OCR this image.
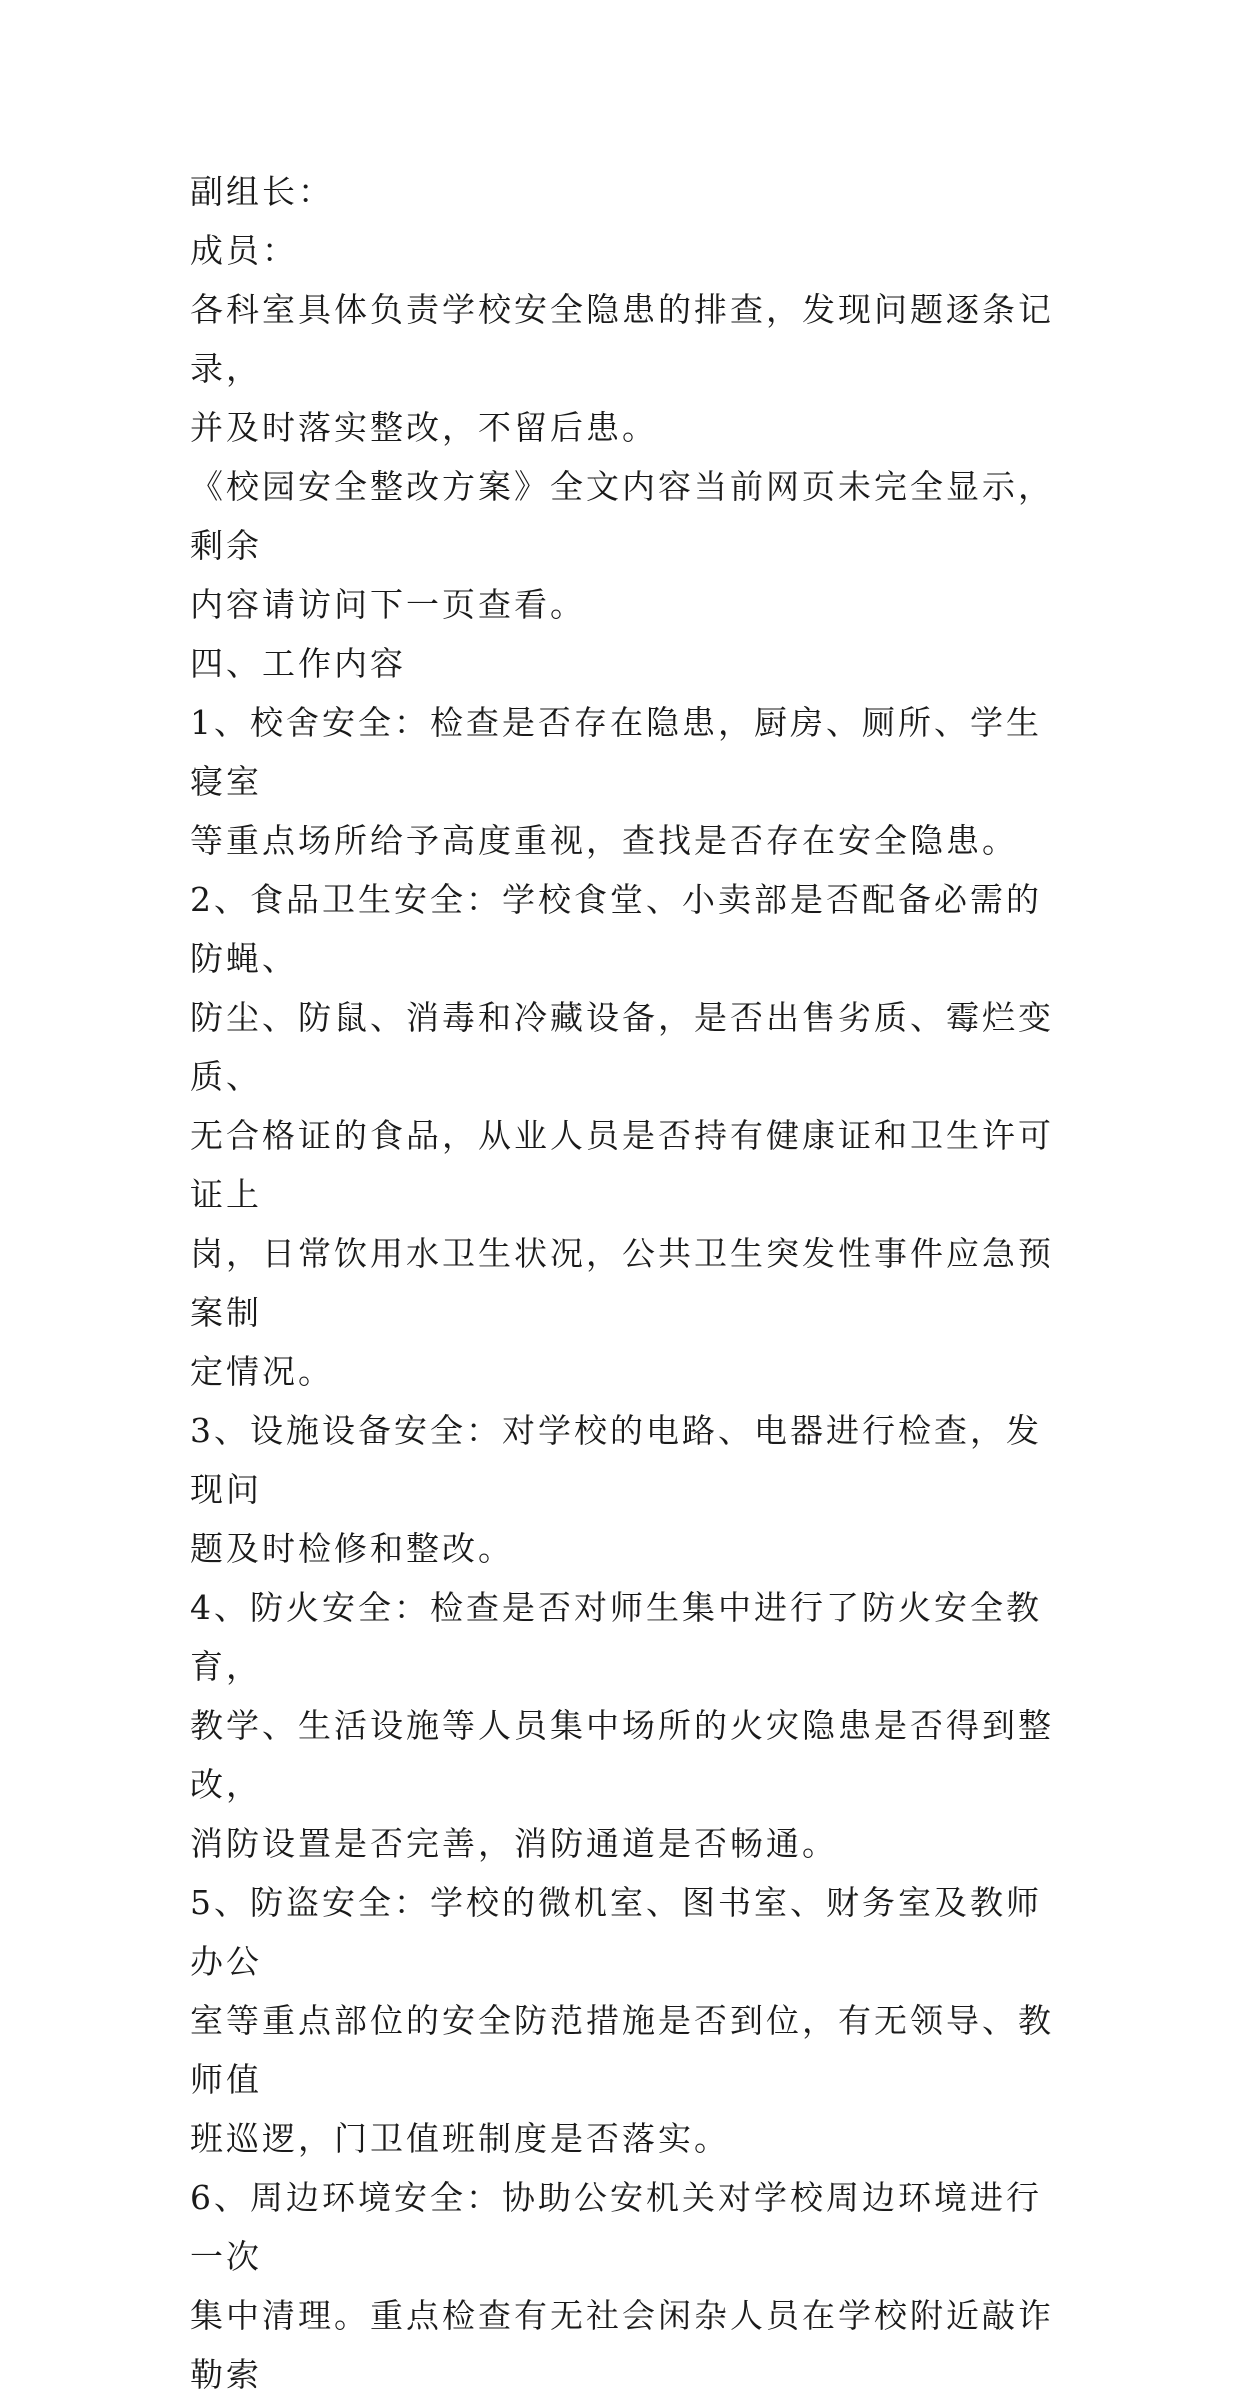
副组长：
成员：
各科室具体负责学校安全隐患的排查，发现问题逐条记录，
并及时落实整改，不留后患。
《校园安全整改方案》全文内容当前网页未完全显示，剩余
内容请访问下一页查看。
四、工作内容
1、校舍安全：检查是否存在隐患，厨房、厕所、学生寝室
等重点场所给予高度重视，查找是否存在安全隐患。
2、食品卫生安全：学校食堂、小卖部是否配备必需的防蝇、
防尘、防鼠、消毒和冷藏设备，是否出售劣质、霉烂变质、
无合格证的食品，从业人员是否持有健康证和卫生许可证上
岗，日常饮用水卫生状况，公共卫生突发性事件应急预案制
定情况。
3、设施设备安全：对学校的电路、电器进行检查，发现问
题及时检修和整改。
4、防火安全：检查是否对师生集中进行了防火安全教育，
教学、生活设施等人员集中场所的火灾隐患是否得到整改，
消防设置是否完善，消防通道是否畅通。
5、防盗安全：学校的微机室、图书室、财务室及教师办公
室等重点部位的安全防范措施是否到位，有无领导、教师值
班巡逻，门卫值班制度是否落实。
6、周边环境安全：协助公安机关对学校周边环境进行一次
集中清理。重点检查有无社会闲杂人员在学校附近敲诈勒索
